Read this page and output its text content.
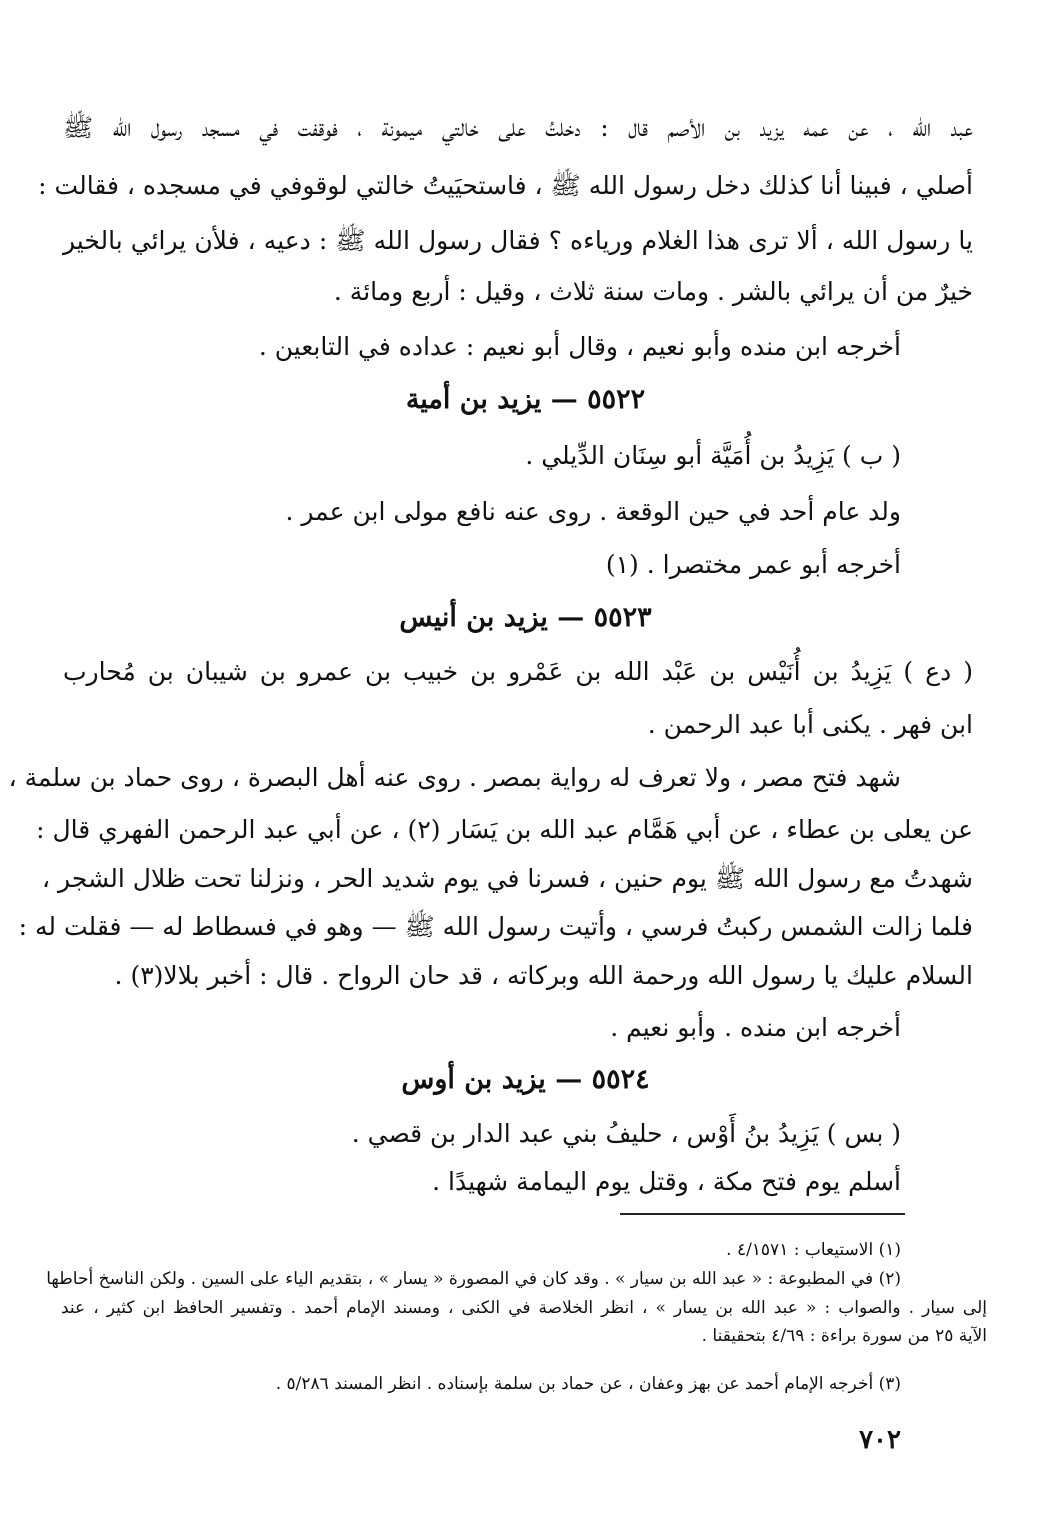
عبد الله ، عن عمه يزيد بن الأصم قال : دخلتُ على خالتي ميمونة ، فوقفت في مسجد رسول الله ﷺ
أصلي ، فبينا أنا كذلك دخل رسول الله ﷺ ، فاستحيَيتُ خالتي لوقوفي في مسجده ، فقالت :
يا رسول الله ، ألا ترى هذا الغلام ورياءه ؟ فقال رسول الله ﷺ : دعيه ، فلأن يرائي بالخير
خيرٌ من أن يرائي بالشر . ومات سنة ثلاث ، وقيل : أربع ومائة .
أخرجه ابن منده وأبو نعيم ، وقال أبو نعيم : عداده في التابعين .
( ب ) يَزِيدُ بن أُمَيَّة أبو سِنَان الدِّيلي .
ولد عام أحد في حين الوقعة . روى عنه نافع مولى ابن عمر .
أخرجه أبو عمر مختصرا . (١)
( دع ) يَزِيدُ بن أُنَيْس بن عَبْد الله بن عَمْرو بن خبيب بن عمرو بن شيبان بن مُحارب
ابن فهر . يكنى أبا عبد الرحمن .
شهد فتح مصر ، ولا تعرف له رواية بمصر . روى عنه أهل البصرة ، روى حماد بن سلمة ،
عن يعلى بن عطاء ، عن أبي هَمَّام عبد الله بن يَسَار (٢) ، عن أبي عبد الرحمن الفهري قال :
شهدتُ مع رسول الله ﷺ يوم حنين ، فسرنا في يوم شديد الحر ، ونزلنا تحت ظلال الشجر ،
فلما زالت الشمس ركبتُ فرسي ، وأتيت رسول الله ﷺ — وهو في فسطاط له — فقلت له :
السلام عليك يا رسول الله ورحمة الله وبركاته ، قد حان الرواح . قال : أخبر بلالا(٣) .
أخرجه ابن منده . وأبو نعيم .
( بس ) يَزِيدُ بنُ أَوْس ، حليفُ بني عبد الدار بن قصي .
أسلم يوم فتح مكة ، وقتل يوم اليمامة شهيدًا .
٥٥٢٢ — يزيد بن أمية
٥٥٢٣ — يزيد بن أنيس
٥٥٢٤ — يزيد بن أوس
(١) الاستيعاب : ٤/١٥٧١ .
(٢) في المطبوعة : « عبد الله بن سيار » . وقد كان في المصورة « يسار » ، بتقديم الياء على السين . ولكن الناسخ أحاطها
إلى سيار . والصواب : « عبد الله بن يسار » ، انظر الخلاصة في الكنى ، ومسند الإمام أحمد . وتفسير الحافظ ابن كثير ، عند
الآية ٢٥ من سورة براءة : ٤/٦٩ بتحقيقنا .
(٣) أخرجه الإمام أحمد عن بهز وعفان ، عن حماد بن سلمة بإسناده . انظر المسند ٥/٢٨٦ .
٧٠٢
